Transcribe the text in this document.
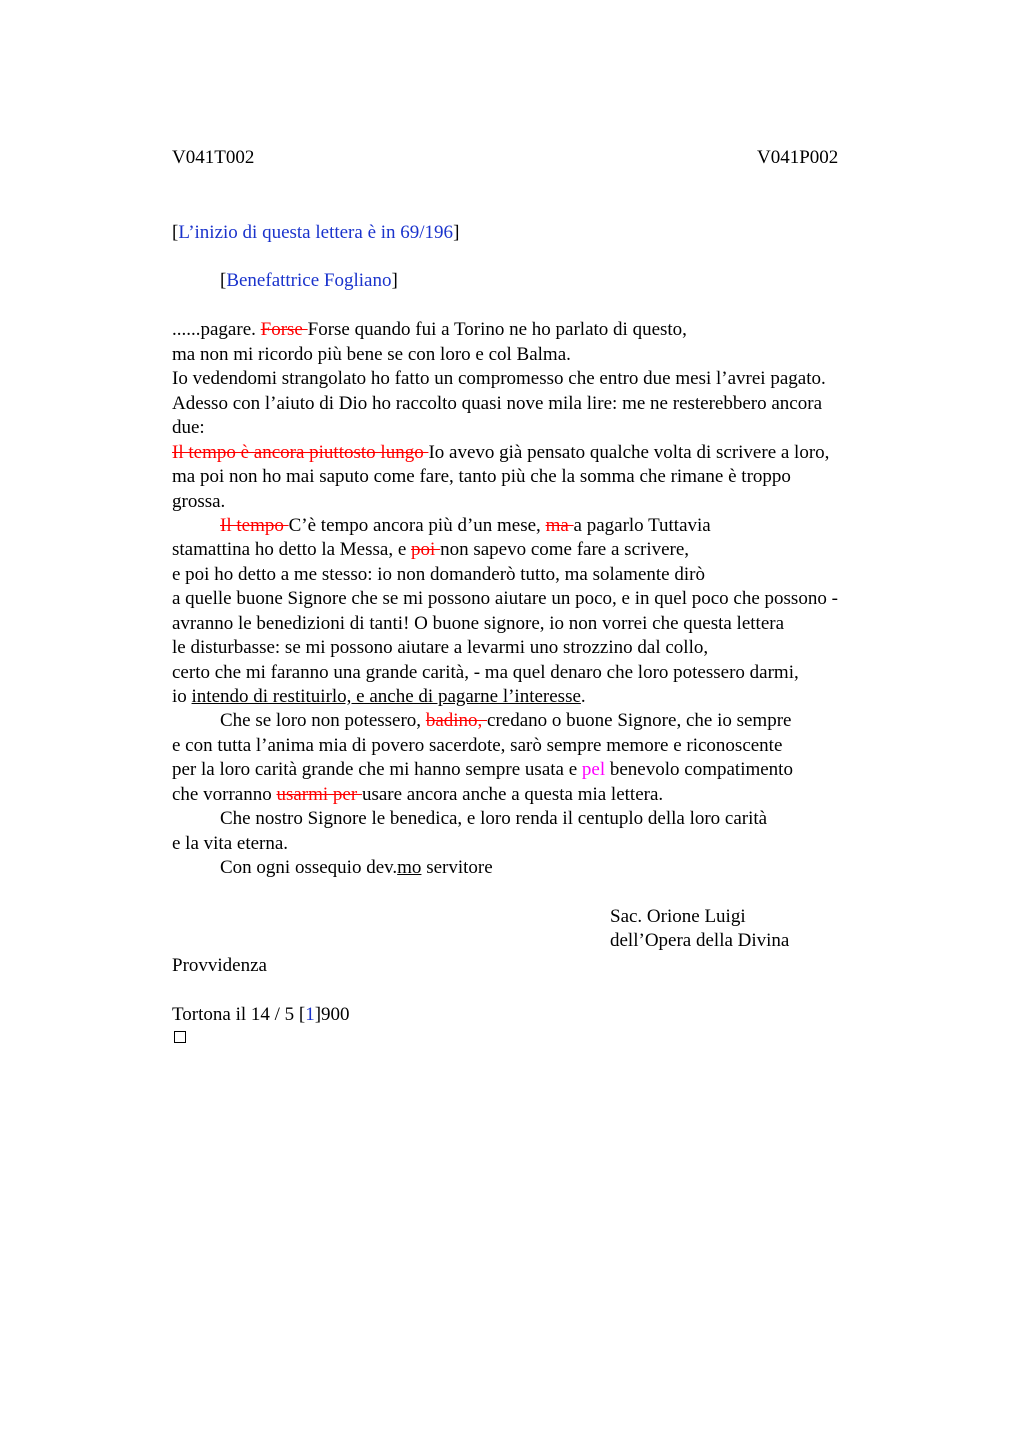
V041T002	V041P002
[L’inizio di questa lettera è in 69/196]
[Benefattrice Fogliano]
......pagare. Forse Forse quando fui a Torino ne ho parlato di questo,
ma non mi ricordo più bene se con loro e col Balma.
Io vedendomi strangolato ho fatto un compromesso che entro due mesi l’avrei pagato.
Adesso con l’aiuto di Dio ho raccolto quasi nove mila lire: me ne resterebbero ancora
due:
Il tempo è ancora piuttosto lungo Io avevo già pensato qualche volta di scrivere a loro,
ma poi non ho mai saputo come fare, tanto più che la somma che rimane è troppo
grossa.
Il tempo C’è tempo ancora più d’un mese, ma a pagarlo Tuttavia
stamattina ho detto la Messa, e poi non sapevo come fare a scrivere,
e poi ho detto a me stesso: io non domanderò tutto, ma solamente dirò
a quelle buone Signore che se mi possono aiutare un poco, e in quel poco che possono -
avranno le benedizioni di tanti! O buone signore, io non vorrei che questa lettera
le disturbasse: se mi possono aiutare a levarmi uno strozzino dal collo,
certo che mi faranno una grande carità, - ma quel denaro che loro potessero darmi,
io intendo di restituirlo, e anche di pagarne l’interesse.
Che se loro non potessero, badino, credano o buone Signore, che io sempre
e con tutta l’anima mia di povero sacerdote, sarò sempre memore e riconoscente
per la loro carità grande che mi hanno sempre usata e pel benevolo compatimento
che vorranno usarmi per usare ancora anche a questa mia lettera.
Che nostro Signore le benedica, e loro renda il centuplo della loro carità
e la vita eterna.
Con ogni ossequio dev.mo servitore
Sac. Orione Luigi
dell’Opera della Divina
Provvidenza
Tortona il 14 / 5 [1]900
